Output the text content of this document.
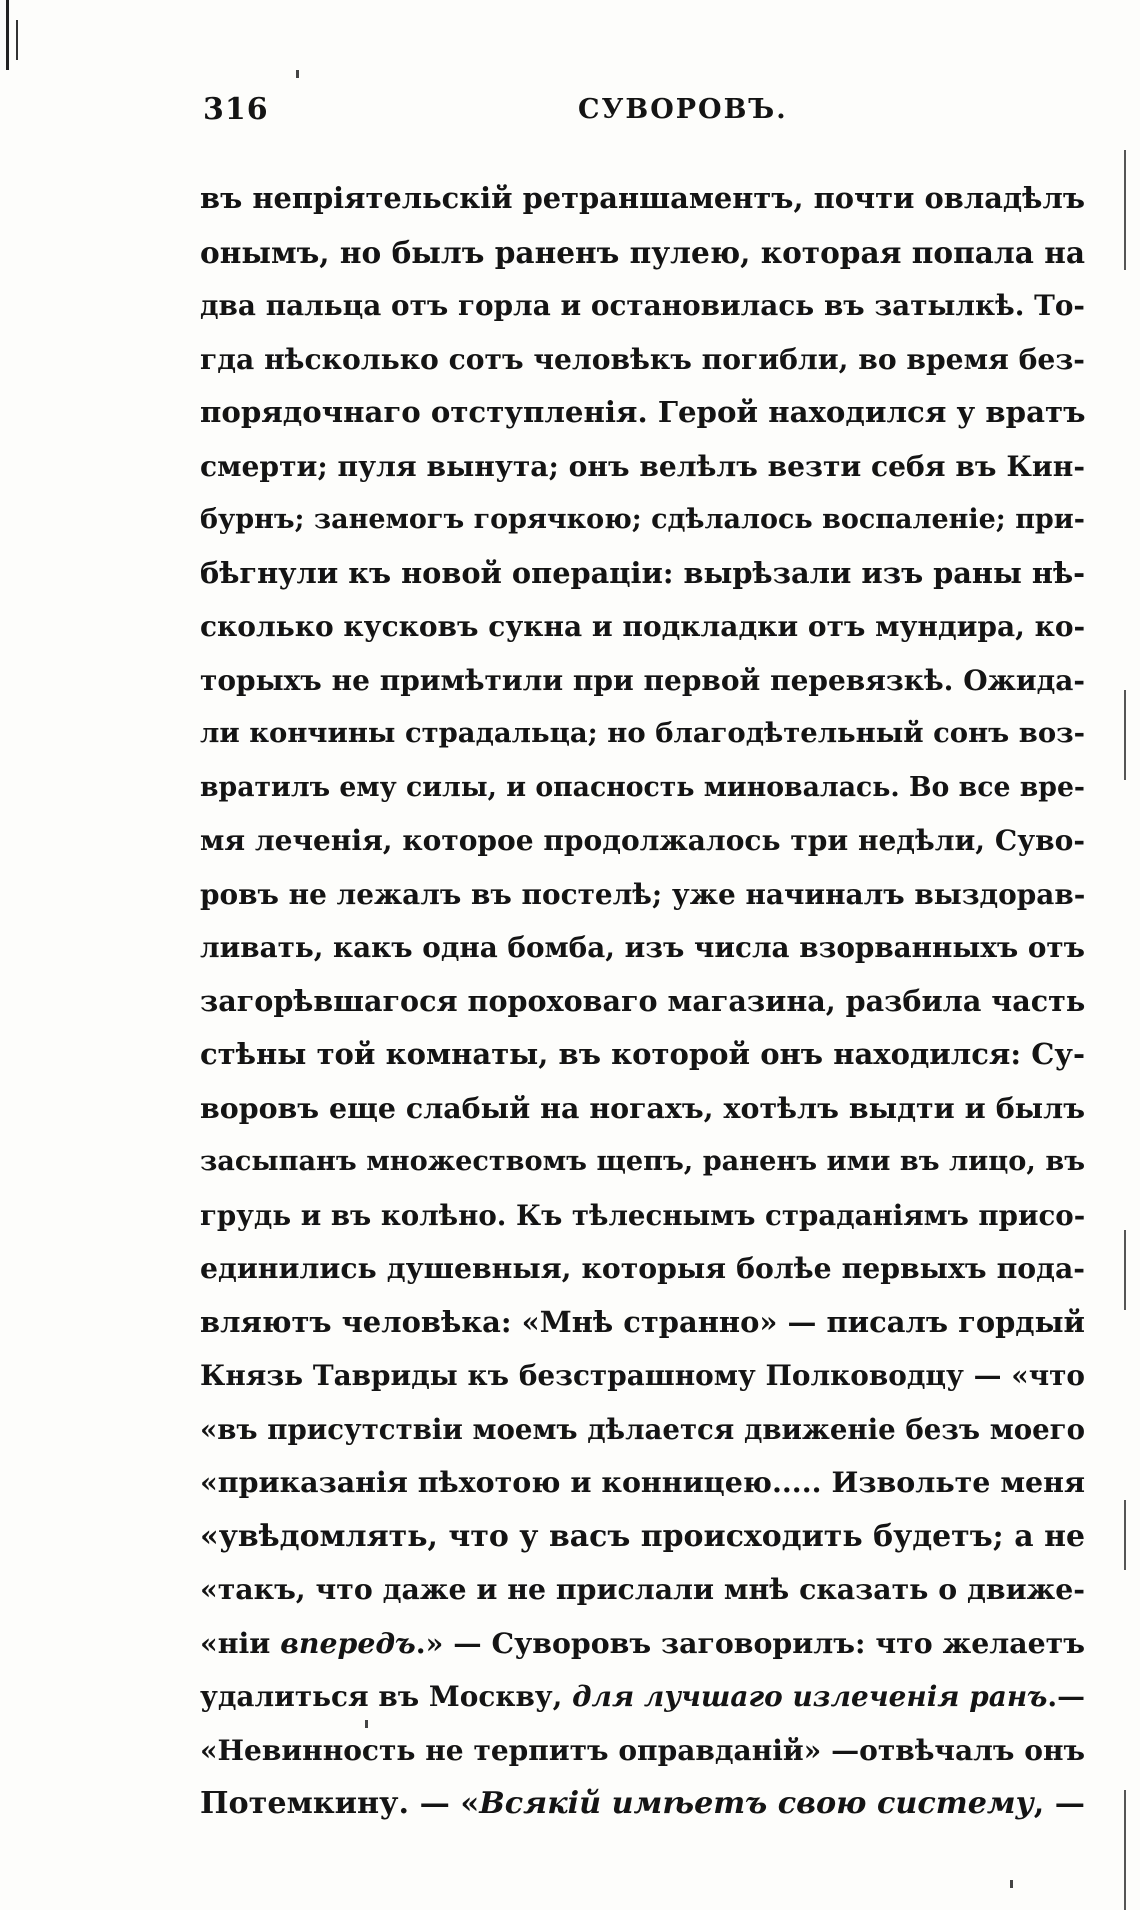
316	СУВОРОВЪ.
въ непріятельскій ретраншаментъ, почти овладѣлъ
онымъ, но былъ раненъ пулею, которая попала на
два пальца отъ горла и остановилась въ затылкѣ. То-
гда нѣсколько сотъ человѣкъ погибли, во время без-
порядочнаго отступленія. Герой находился у вратъ
смерти; пуля вынута; онъ велѣлъ везти себя въ Кин-
бурнъ; занемогъ горячкою; сдѣлалось воспаленіе; при-
бѣгнули къ новой операціи: вырѣзали изъ раны нѣ-
сколько кусковъ сукна и подкладки отъ мундира, ко-
торыхъ не примѣтили при первой перевязкѣ. Ожида-
ли кончины страдальца; но благодѣтельный сонъ воз-
вратилъ ему силы, и опасность миновалась. Во все вре-
мя леченія, которое продолжалось три недѣли, Суво-
ровъ не лежалъ въ постелѣ; уже начиналъ выздорав-
ливать, какъ одна бомба, изъ числа взорванныхъ отъ
загорѣвшагося пороховаго магазина, разбила часть
стѣны той комнаты, въ которой онъ находился: Су-
воровъ еще слабый на ногахъ, хотѣлъ выдти и былъ
засыпанъ множествомъ щепъ, раненъ ими въ лицо, въ
грудь и въ колѣно. Къ тѣлеснымъ страданіямъ присо-
единились душевныя, которыя болѣе первыхъ пода-
вляютъ человѣка: «Мнѣ странно» — писалъ гордый
Князь Тавриды къ безстрашному Полководцу — «что
«въ присутствіи моемъ дѣлается движеніе безъ моего
«приказанія пѣхотою и конницею..... Извольте меня
«увѣдомлять, что у васъ происходить будетъ; а не
«такъ, что даже и не прислали мнѣ сказать о движе-
«ніи впередъ.» — Суворовъ заговорилъ: что желаетъ
удалиться въ Москву, для лучшаго излеченія ранъ.—
«Невинность не терпитъ оправданій» —отвѣчалъ онъ
Потемкину. — «Всякій имѣетъ свою систему, —
